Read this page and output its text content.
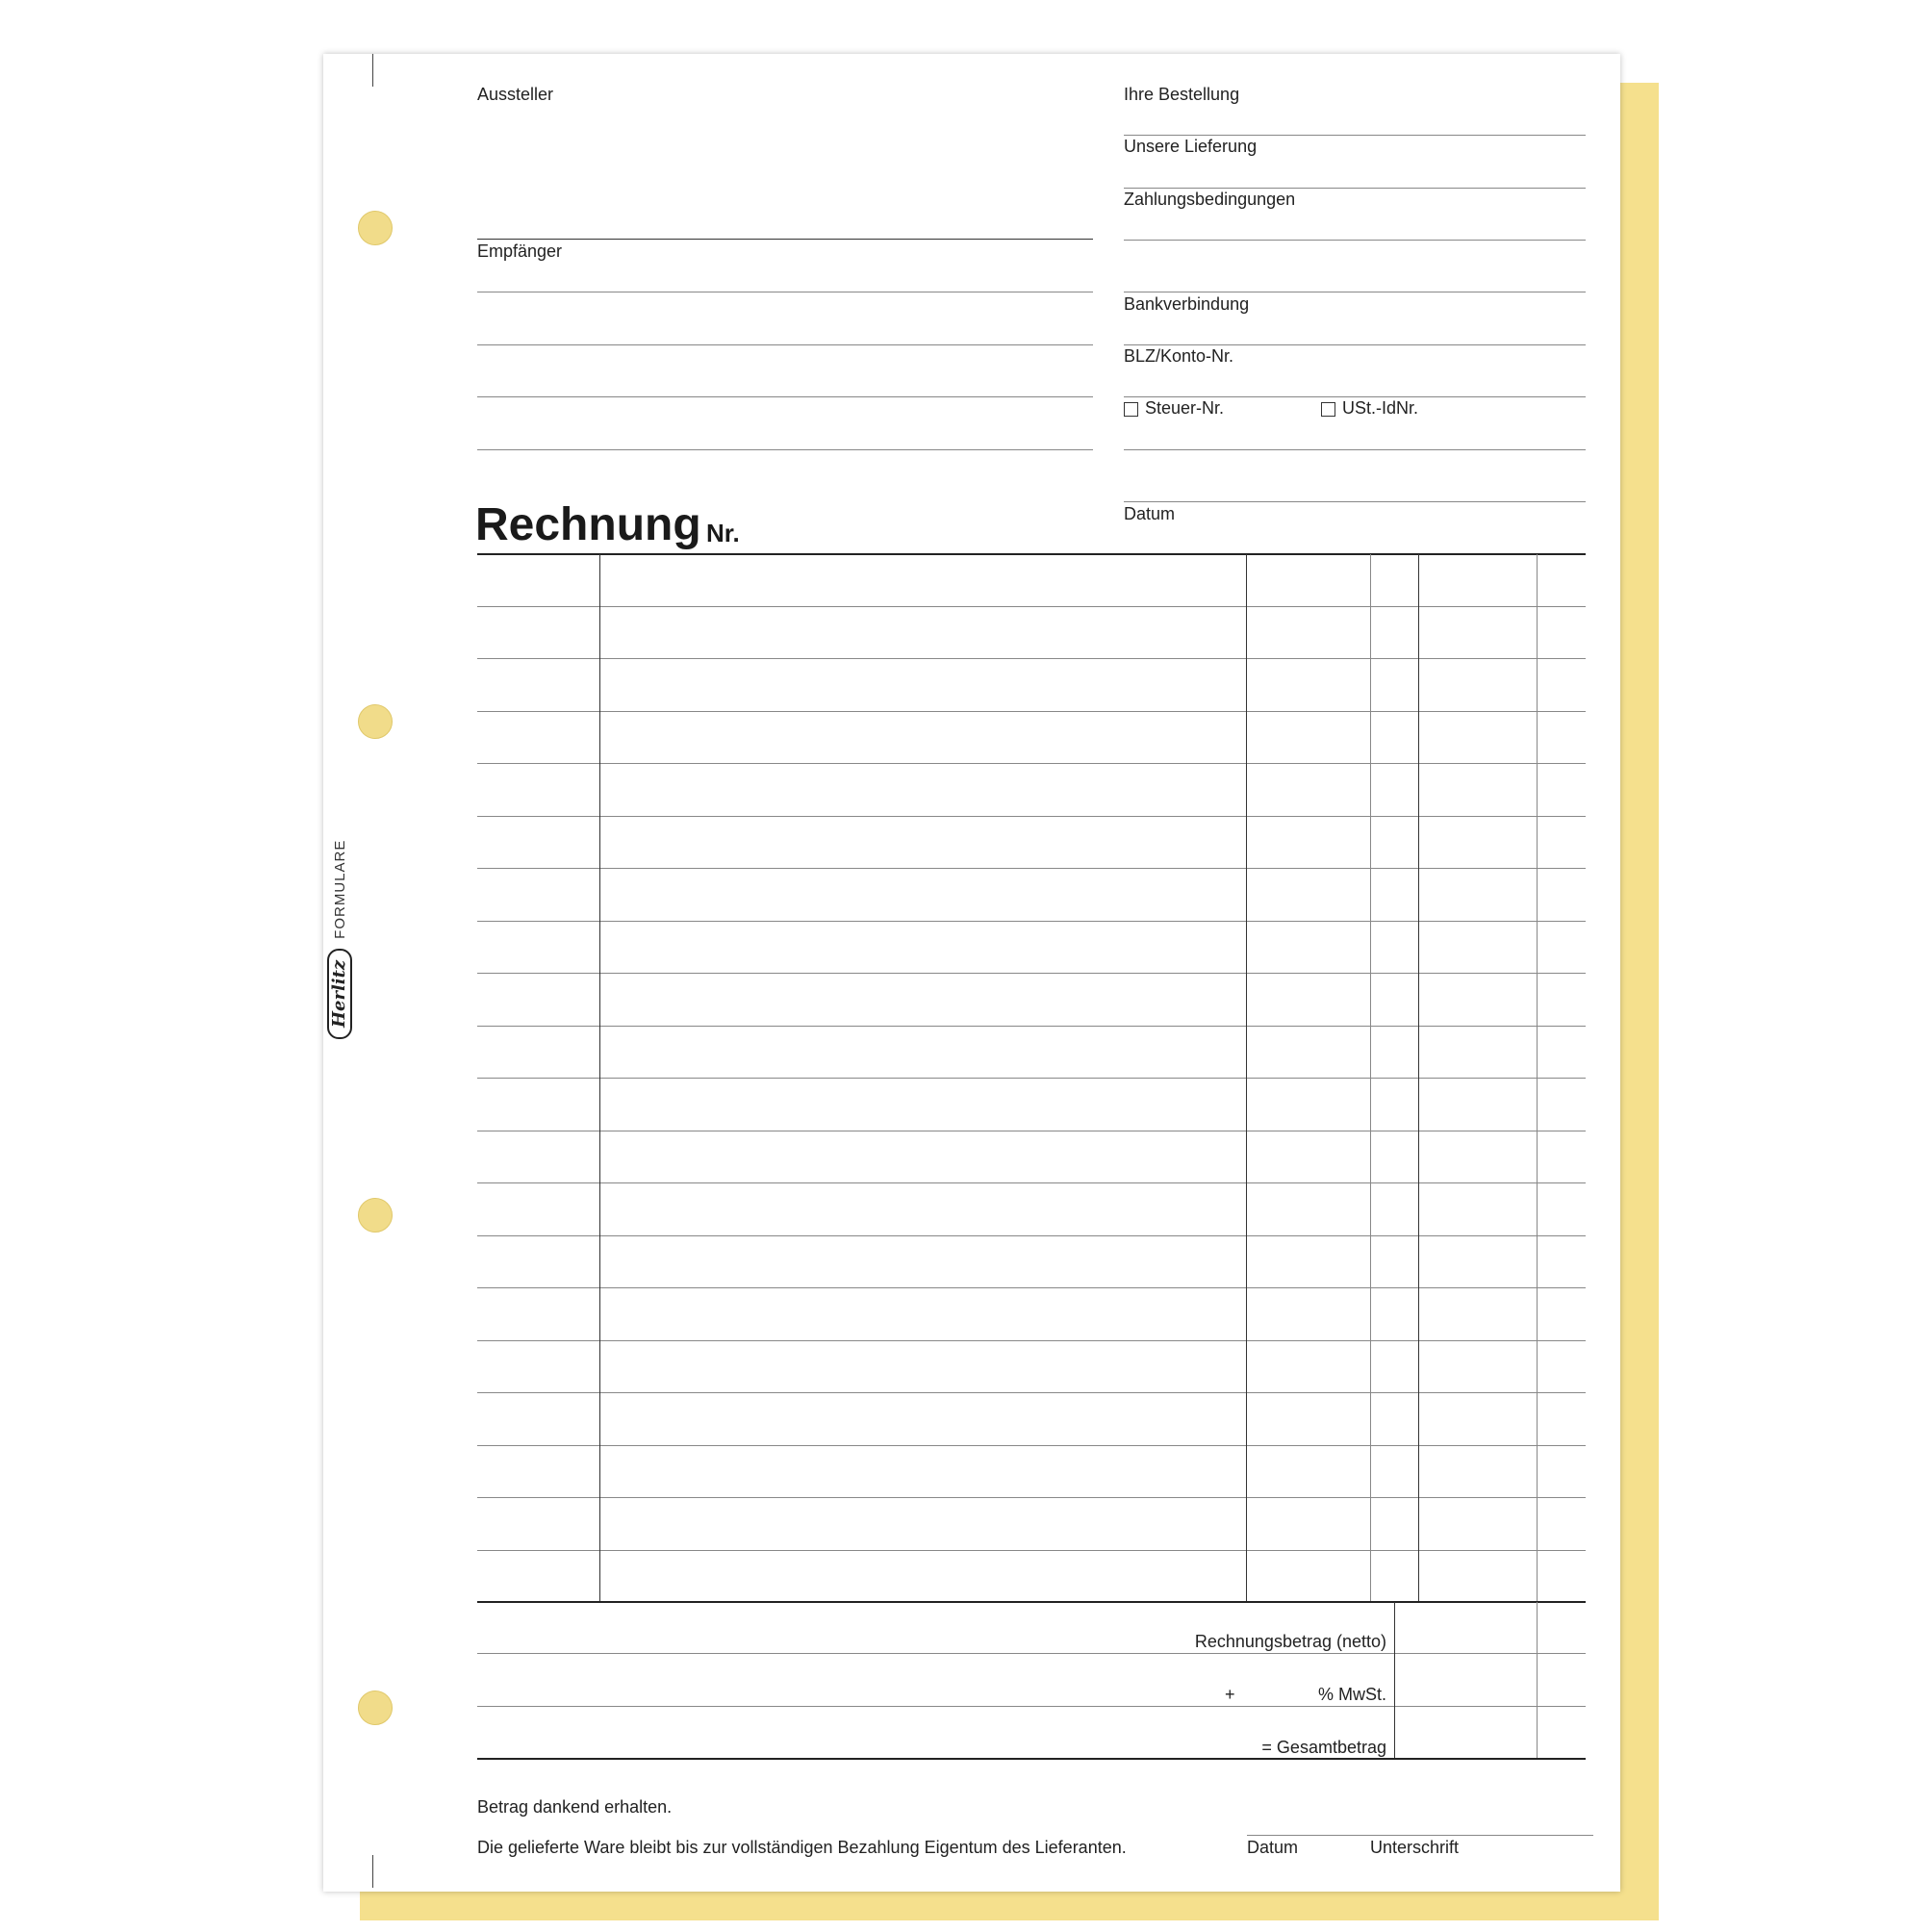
Herlitz
FORMULARE
Aussteller
Empfänger
Ihre Bestellung
Unsere Lieferung
Zahlungsbedingungen
Bankverbindung
BLZ/Konto-Nr.
Steuer-Nr.	USt.-IdNr.
Datum
Rechnung Nr.
Rechnungsbetrag (netto)
+	% MwSt.
= Gesamtbetrag
Betrag dankend erhalten.
Die gelieferte Ware bleibt bis zur vollständigen Bezahlung Eigentum des Lieferanten.	Datum	Unterschrift
